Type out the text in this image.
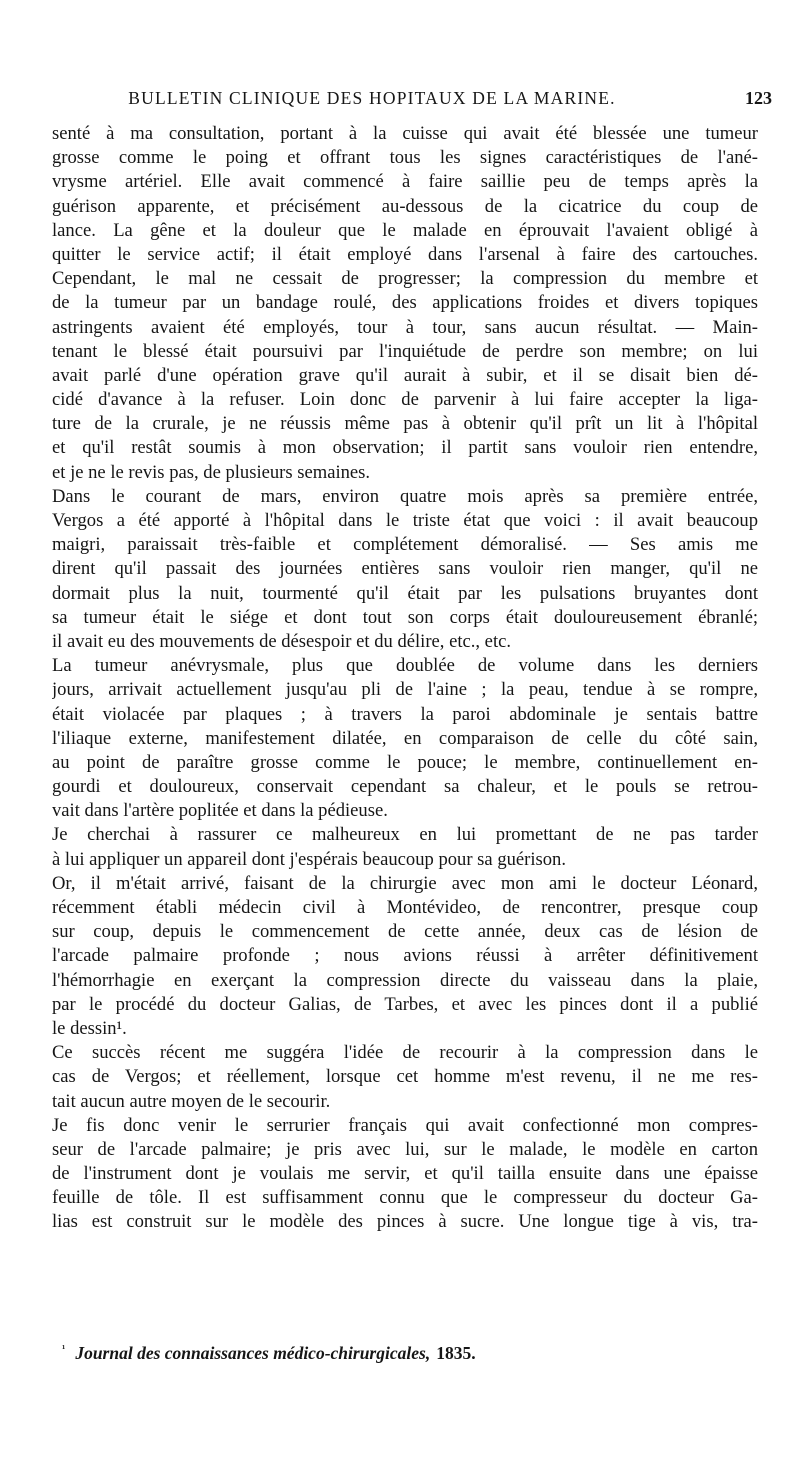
BULLETIN CLINIQUE DES HOPITAUX DE LA MARINE.	123
senté à ma consultation, portant à la cuisse qui avait été blessée une tumeur
grosse comme le poing et offrant tous les signes caractéristiques de l'ané-
vrysme artériel. Elle avait commencé à faire saillie peu de temps après la
guérison apparente, et précisément au-dessous de la cicatrice du coup de
lance. La gêne et la douleur que le malade en éprouvait l'avaient obligé à
quitter le service actif; il était employé dans l'arsenal à faire des cartouches.
Cependant, le mal ne cessait de progresser; la compression du membre et
de la tumeur par un bandage roulé, des applications froides et divers topiques
astringents avaient été employés, tour à tour, sans aucun résultat. — Main-
tenant le blessé était poursuivi par l'inquiétude de perdre son membre; on lui
avait parlé d'une opération grave qu'il aurait à subir, et il se disait bien dé-
cidé d'avance à la refuser. Loin donc de parvenir à lui faire accepter la liga-
ture de la crurale, je ne réussis même pas à obtenir qu'il prît un lit à l'hôpital
et qu'il restât soumis à mon observation; il partit sans vouloir rien entendre,
et je ne le revis pas, de plusieurs semaines.
Dans le courant de mars, environ quatre mois après sa première entrée,
Vergos a été apporté à l'hôpital dans le triste état que voici : il avait beaucoup
maigri, paraissait très-faible et complétement démoralisé. — Ses amis me
dirent qu'il passait des journées entières sans vouloir rien manger, qu'il ne
dormait plus la nuit, tourmenté qu'il était par les pulsations bruyantes dont
sa tumeur était le siége et dont tout son corps était douloureusement ébranlé;
il avait eu des mouvements de désespoir et du délire, etc., etc.
La tumeur anévrysmale, plus que doublée de volume dans les derniers
jours, arrivait actuellement jusqu'au pli de l'aine ; la peau, tendue à se rompre,
était violacée par plaques ; à travers la paroi abdominale je sentais battre
l'iliaque externe, manifestement dilatée, en comparaison de celle du côté sain,
au point de paraître grosse comme le pouce; le membre, continuellement en-
gourdi et douloureux, conservait cependant sa chaleur, et le pouls se retrou-
vait dans l'artère poplitée et dans la pédieuse.
Je cherchai à rassurer ce malheureux en lui promettant de ne pas tarder
à lui appliquer un appareil dont j'espérais beaucoup pour sa guérison.
Or, il m'était arrivé, faisant de la chirurgie avec mon ami le docteur Léonard,
récemment établi médecin civil à Montévideo, de rencontrer, presque coup
sur coup, depuis le commencement de cette année, deux cas de lésion de
l'arcade palmaire profonde ; nous avions réussi à arrêter définitivement
l'hémorrhagie en exerçant la compression directe du vaisseau dans la plaie,
par le procédé du docteur Galias, de Tarbes, et avec les pinces dont il a publié
le dessin¹.
Ce succès récent me suggéra l'idée de recourir à la compression dans le
cas de Vergos; et réellement, lorsque cet homme m'est revenu, il ne me res-
tait aucun autre moyen de le secourir.
Je fis donc venir le serrurier français qui avait confectionné mon compres-
seur de l'arcade palmaire; je pris avec lui, sur le malade, le modèle en carton
de l'instrument dont je voulais me servir, et qu'il tailla ensuite dans une épaisse
feuille de tôle. Il est suffisamment connu que le compresseur du docteur Ga-
lias est construit sur le modèle des pinces à sucre. Une longue tige à vis, tra-
$^{^1}$ Journal des connaissances médico-chirurgicales, 1835.
